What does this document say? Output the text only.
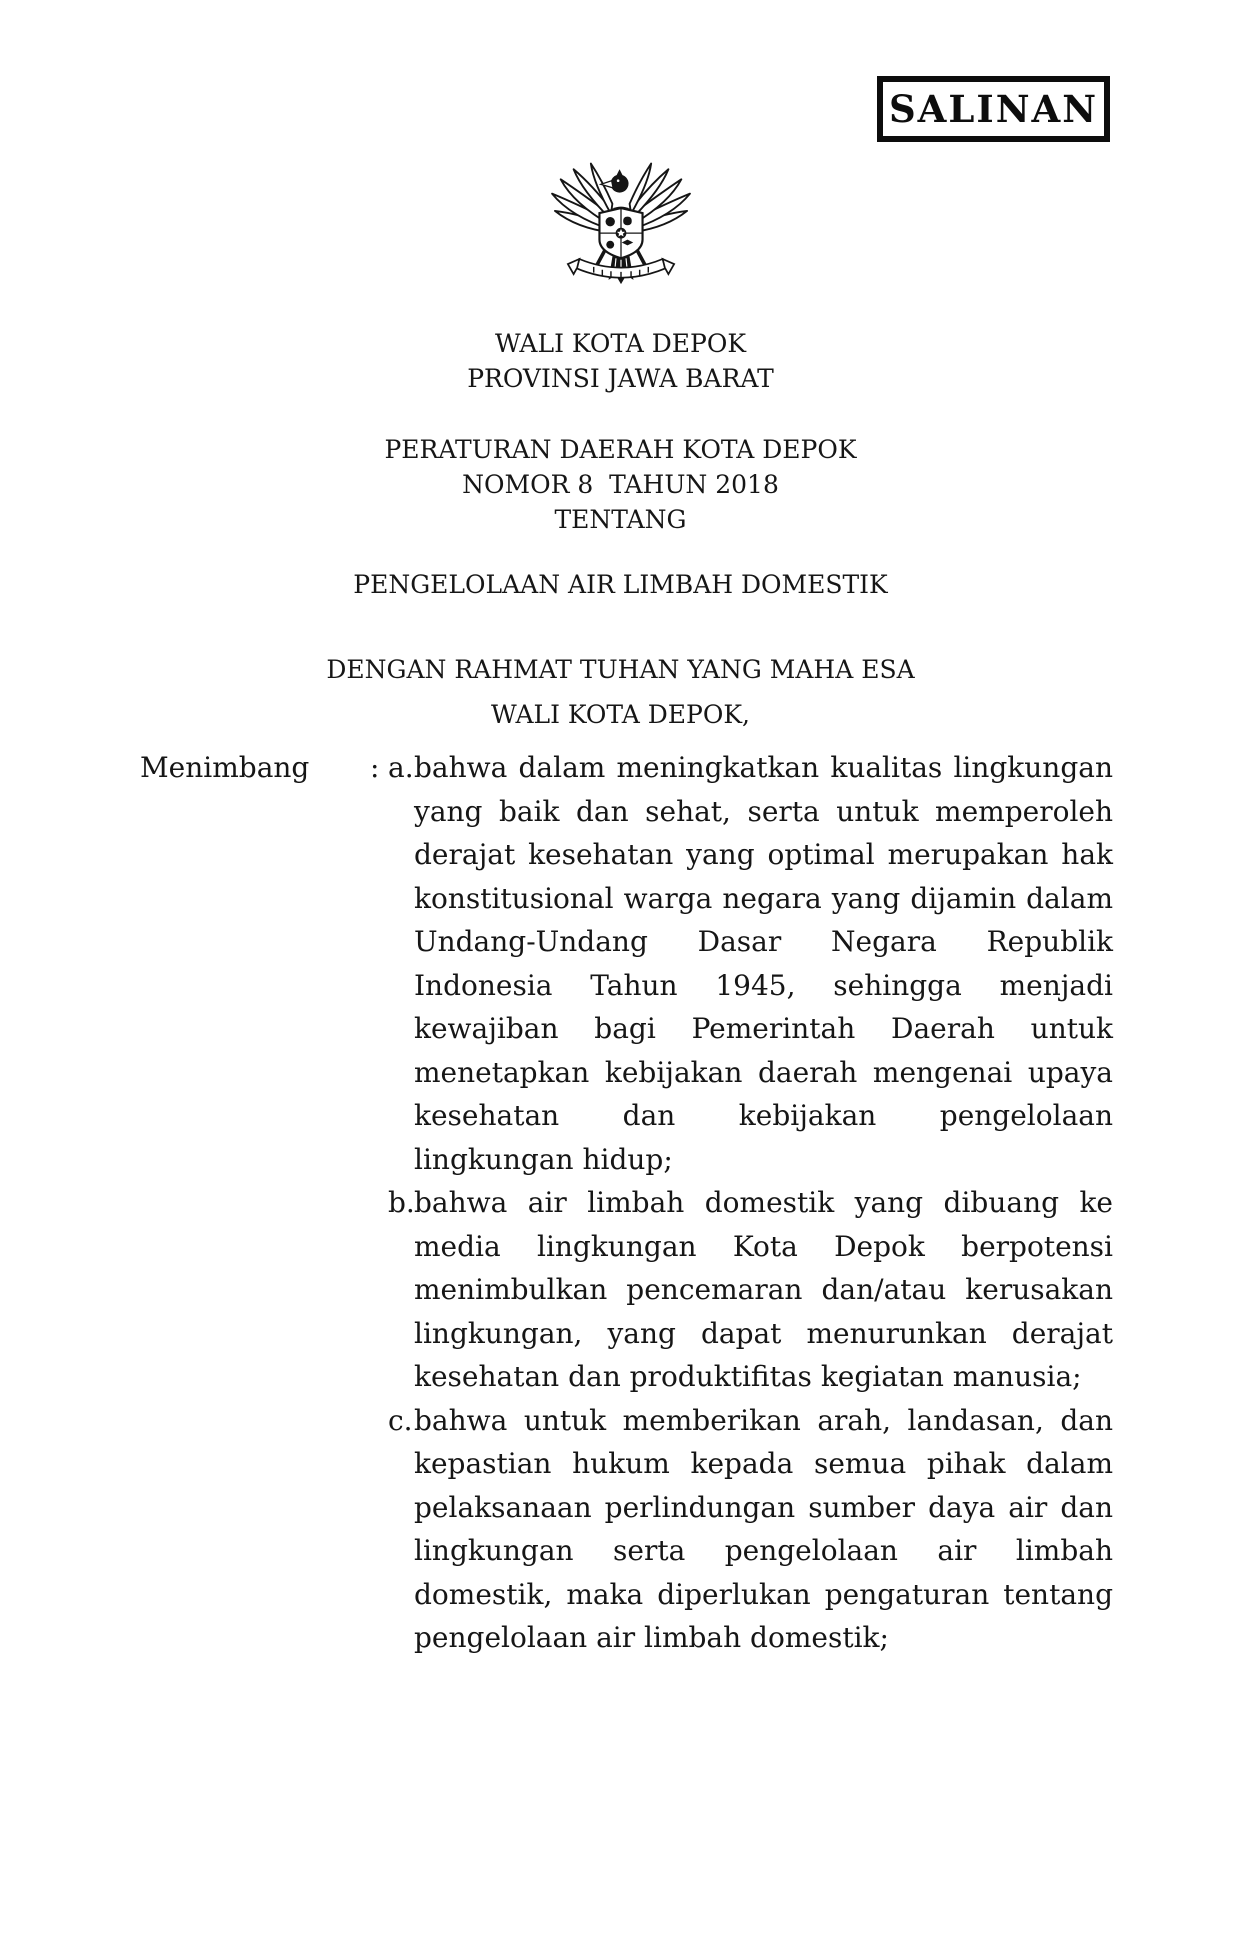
SALINAN
WALI KOTA DEPOK
PROVINSI JAWA BARAT
PERATURAN DAERAH KOTA DEPOK
NOMOR 8  TAHUN 2018
TENTANG
PENGELOLAAN AIR LIMBAH DOMESTIK
DENGAN RAHMAT TUHAN YANG MAHA ESA
WALI KOTA DEPOK,
Menimbang	: a. bahwa dalam meningkatkan kualitas lingkungan yang baik dan sehat, serta untuk memperoleh derajat kesehatan yang optimal merupakan hak konstitusional warga negara yang dijamin dalam Undang-Undang Dasar Negara Republik Indonesia Tahun 1945, sehingga menjadi kewajiban bagi Pemerintah Daerah untuk menetapkan kebijakan daerah mengenai upaya kesehatan dan kebijakan pengelolaan lingkungan hidup;
b. bahwa air limbah domestik yang dibuang ke media lingkungan Kota Depok berpotensi menimbulkan pencemaran dan/atau kerusakan lingkungan, yang dapat menurunkan derajat kesehatan dan produktifitas kegiatan manusia;
c. bahwa untuk memberikan arah, landasan, dan kepastian hukum kepada semua pihak dalam pelaksanaan perlindungan sumber daya air dan lingkungan serta pengelolaan air limbah domestik, maka diperlukan pengaturan tentang pengelolaan air limbah domestik;
